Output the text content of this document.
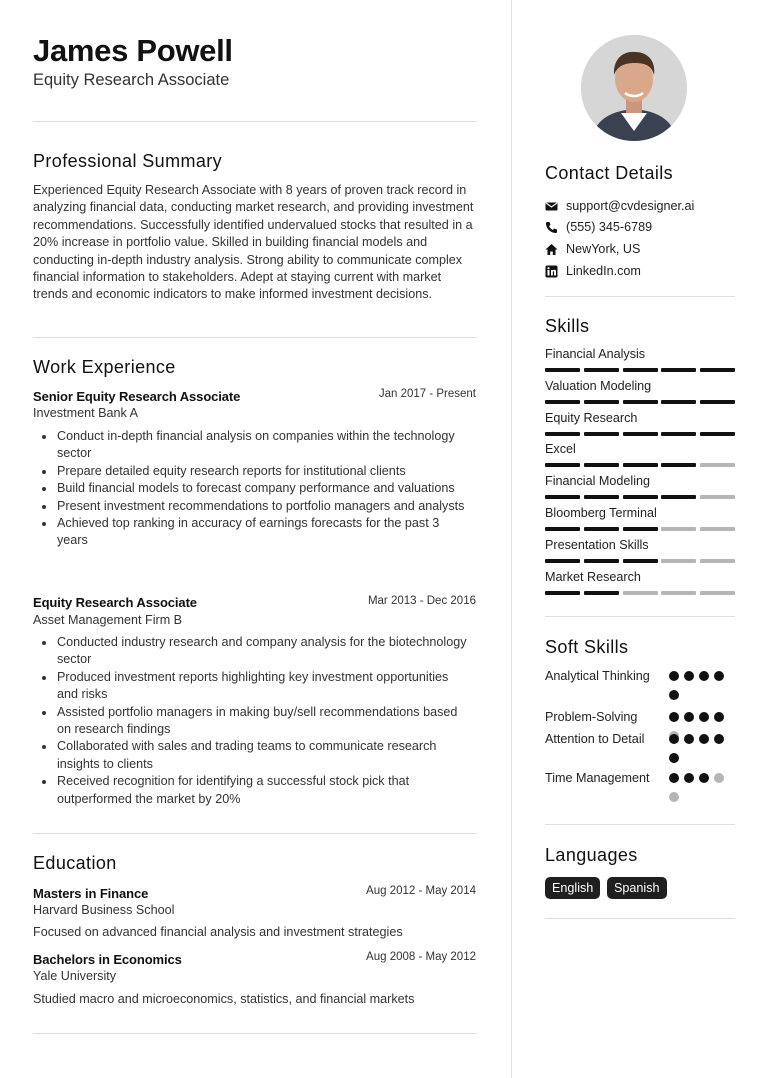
James Powell
Equity Research Associate
Professional Summary
Experienced Equity Research Associate with 8 years of proven track record in analyzing financial data, conducting market research, and providing investment recommendations. Successfully identified undervalued stocks that resulted in a 20% increase in portfolio value. Skilled in building financial models and conducting in-depth industry analysis. Strong ability to communicate complex financial information to stakeholders. Adept at staying current with market trends and economic indicators to make informed investment decisions.
Work Experience
Senior Equity Research Associate	Jan 2017 - Present
Investment Bank A
Conduct in-depth financial analysis on companies within the technology sector
Prepare detailed equity research reports for institutional clients
Build financial models to forecast company performance and valuations
Present investment recommendations to portfolio managers and analysts
Achieved top ranking in accuracy of earnings forecasts for the past 3 years
Equity Research Associate	Mar 2013 - Dec 2016
Asset Management Firm B
Conducted industry research and company analysis for the biotechnology sector
Produced investment reports highlighting key investment opportunities and risks
Assisted portfolio managers in making buy/sell recommendations based on research findings
Collaborated with sales and trading teams to communicate research insights to clients
Received recognition for identifying a successful stock pick that outperformed the market by 20%
Education
Masters in Finance	Aug 2012 - May 2014
Harvard Business School
Focused on advanced financial analysis and investment strategies
Bachelors in Economics	Aug 2008 - May 2012
Yale University
Studied macro and microeconomics, statistics, and financial markets
Contact Details
support@cvdesigner.ai
(555) 345-6789
NewYork, US
LinkedIn.com
Skills
Financial Analysis
Valuation Modeling
Equity Research
Excel
Financial Modeling
Bloomberg Terminal
Presentation Skills
Market Research
Soft Skills
Analytical Thinking
Problem-Solving
Attention to Detail
Time Management
Languages
English	Spanish
